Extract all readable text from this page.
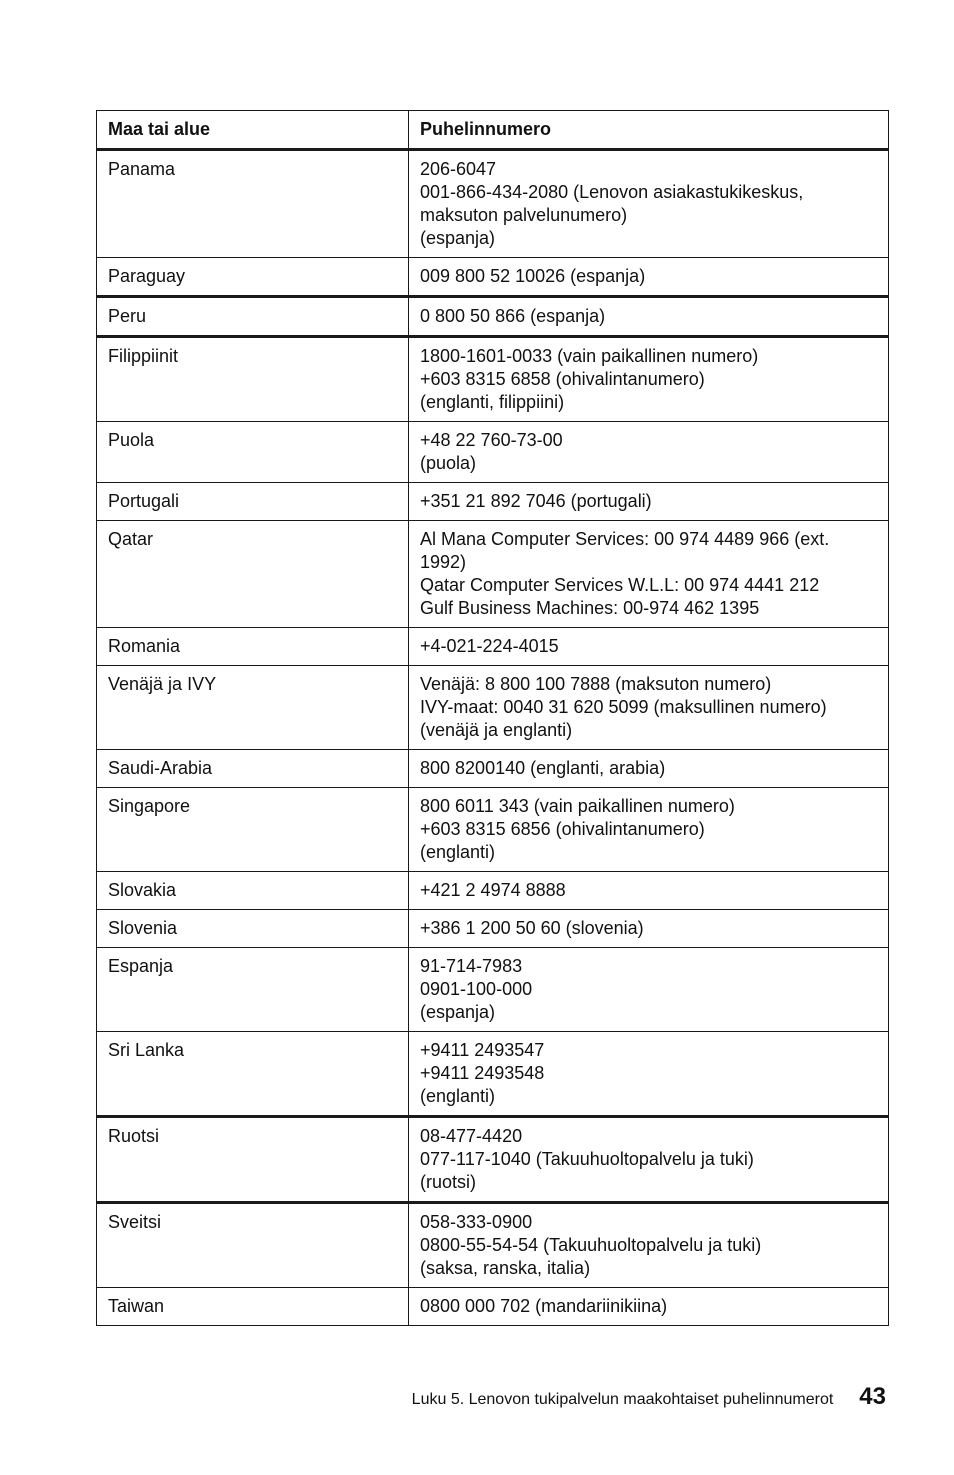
Maa tai alue	Puhelinnumero
Panama	206-6047
001-866-434-2080 (Lenovon asiakastukikeskus,
maksuton palvelunumero)
(espanja)

Paraguay	009 800 52 10026 (espanja)

Peru	0 800 50 866 (espanja)

Filippiinit	1800-1601-0033 (vain paikallinen numero)
+603 8315 6858 (ohivalintanumero)
(englanti, filippiini)

Puola	+48 22 760-73-00
(puola)

Portugali	+351 21 892 7046 (portugali)

Qatar	Al Mana Computer Services: 00 974 4489 966 (ext.
1992)
Qatar Computer Services W.L.L: 00 974 4441 212
Gulf Business Machines: 00-974 462 1395

Romania	+4-021-224-4015

Venäjä ja IVY	Venäjä: 8 800 100 7888 (maksuton numero)
IVY-maat: 0040 31 620 5099 (maksullinen numero)
(venäjä ja englanti)

Saudi-Arabia	800 8200140 (englanti, arabia)

Singapore	800 6011 343 (vain paikallinen numero)
+603 8315 6856 (ohivalintanumero)
(englanti)

Slovakia	+421 2 4974 8888

Slovenia	+386 1 200 50 60 (slovenia)

Espanja	91-714-7983
0901-100-000
(espanja)

Sri Lanka	+9411 2493547
+9411 2493548
(englanti)

Ruotsi	08-477-4420
077-117-1040 (Takuuhuoltopalvelu ja tuki)
(ruotsi)

Sveitsi	058-333-0900
0800-55-54-54 (Takuuhuoltopalvelu ja tuki)
(saksa, ranska, italia)

Taiwan	0800 000 702 (mandariinikiina)
Luku 5. Lenovon tukipalvelun maakohtaiset puhelinnumerot 43
